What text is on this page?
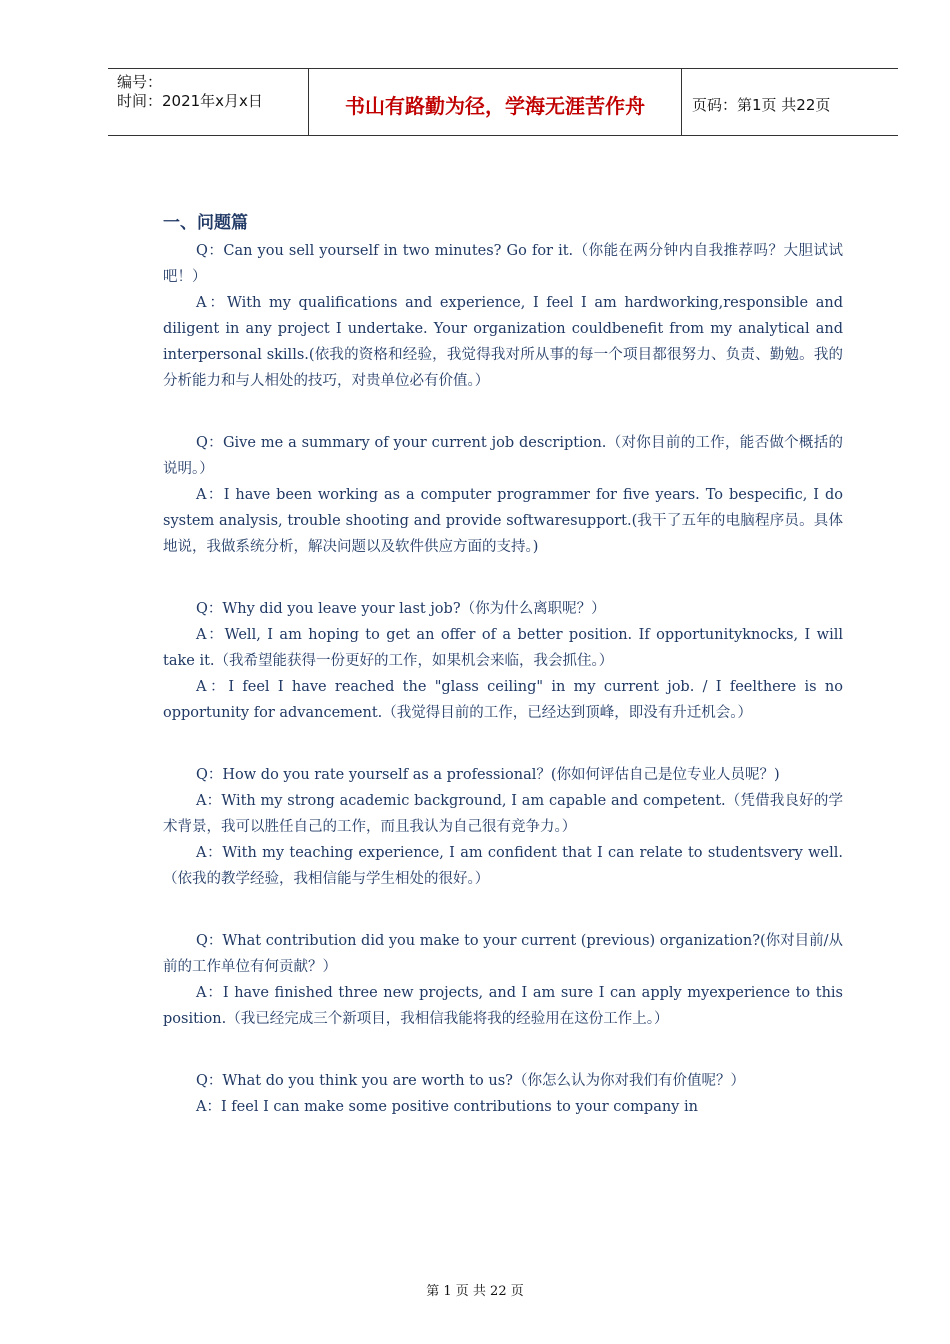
编号：
时间：2021年x月x日	书山有路勤为径，学海无涯苦作舟	页码：第1页 共22页
一、问题篇

Q：Can you sell yourself in two minutes? Go for it.（你能在两分钟内自我推荐吗？大胆试试吧！）

A：With my qualifications and experience, I feel I am hardworking,responsible and diligent in any project I undertake. Your organization couldbenefit from my analytical and interpersonal skills.(依我的资格和经验，我觉得我对所从事的每一个项目都很努力、负责、勤勉。我的分析能力和与人相处的技巧，对贵单位必有价值。）

Q：Give me a summary of your current job description.（对你目前的工作，能否做个概括的说明。）

A：I have been working as a computer programmer for five years. To bespecific, I do system analysis, trouble shooting and provide softwaresupport.(我干了五年的电脑程序员。具体地说，我做系统分析，解决问题以及软件供应方面的支持。)

Q：Why did you leave your last job?（你为什么离职呢？）

A：Well, I am hoping to get an offer of a better position. If opportunityknocks, I will take it.（我希望能获得一份更好的工作，如果机会来临，我会抓住。）

A：I feel I have reached the "glass ceiling" in my current job. / I feelthere is no opportunity for advancement.（我觉得目前的工作，已经达到顶峰，即没有升迁机会。）

Q：How do you rate yourself as a professional？(你如何评估自己是位专业人员呢？)

A：With my strong academic background, I am capable and competent.（凭借我良好的学术背景，我可以胜任自己的工作，而且我认为自己很有竞争力。）

A：With my teaching experience, I am confident that I can relate to studentsvery well.（依我的教学经验，我相信能与学生相处的很好。）

Q：What contribution did you make to your current (previous) organization?(你对目前/从前的工作单位有何贡献？）

A：I have finished three new projects, and I am sure I can apply myexperience to this position.（我已经完成三个新项目，我相信我能将我的经验用在这份工作上。）

Q：What do you think you are worth to us?（你怎么认为你对我们有价值呢？）

A：I feel I can make some positive contributions to your company in

第 1 页 共 22 页
